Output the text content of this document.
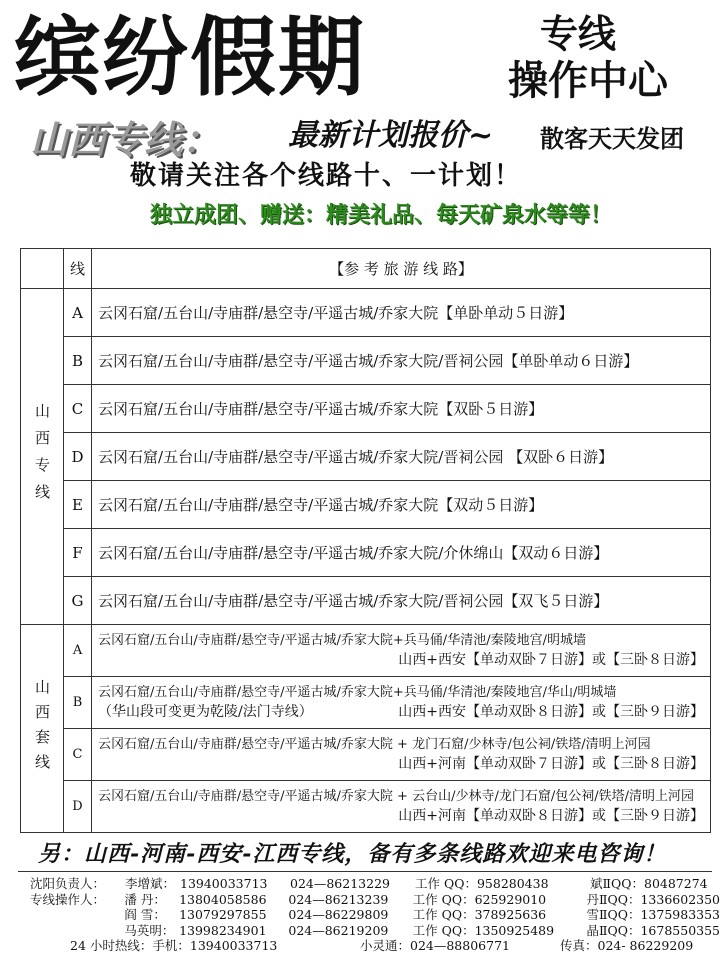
缤纷假期	专线
操作中心
山西专线： 最新计划报价~ 散客天天发团
敬请关注各个线路十、一计划！
独立成团、赠送：精美礼品、每天矿泉水等等！
	线	【参 考 旅 游 线 路】
山西专线	A	云冈石窟/五台山/寺庙群/悬空寺/平遥古城/乔家大院【单卧单动５日游】
	B	云冈石窟/五台山/寺庙群/悬空寺/平遥古城/乔家大院/晋祠公园【单卧单动６日游】
	C	云冈石窟/五台山/寺庙群/悬空寺/平遥古城/乔家大院【双卧５日游】
	D	云冈石窟/五台山/寺庙群/悬空寺/平遥古城/乔家大院/晋祠公园 【双卧６日游】
	E	云冈石窟/五台山/寺庙群/悬空寺/平遥古城/乔家大院【双动５日游】
	F	云冈石窟/五台山/寺庙群/悬空寺/平遥古城/乔家大院/介休绵山【双动６日游】
	G	云冈石窟/五台山/寺庙群/悬空寺/平遥古城/乔家大院/晋祠公园【双飞５日游】
山西套线	A	云冈石窟/五台山/寺庙群/悬空寺/平遥古城/乔家大院+兵马俑/华清池/秦陵地宫/明城墙
山西+西安【单动双卧７日游】或【三卧８日游】

	B	云冈石窟/五台山/寺庙群/悬空寺/平遥古城/乔家大院+兵马俑/华清池/秦陵地宫/华山/明城墙
（华山段可变更为乾陵/法门寺线） 山西+西安【单动双卧８日游】或【三卧９日游】

	C	云冈石窟/五台山/寺庙群/悬空寺/平遥古城/乔家大院 + 龙门石窟/少林寺/包公祠/铁塔/清明上河园
山西+河南【单动双卧７日游】或【三卧８日游】

	D	云冈石窟/五台山/寺庙群/悬空寺/平遥古城/乔家大院 + 云台山/少林寺/龙门石窟/包公祠/铁塔/清明上河园
山西+河南【单动双卧８日游】或【三卧９日游】
另：山西-河南-西安-江西专线，备有多条线路欢迎来电咨询！
沈阳负责人：	李增斌： 13940033713	024—86213229	工作 QQ：958280438	斌ⅡQQ：80487274
专线操作人：	潘 丹：	13804058586	024—86213239	工作 QQ：625929010	丹ⅡQQ：1336602350
阎 雪：	13079297855	024—86229809	工作 QQ：378925636	雪ⅡQQ：1375983353
马英明： 13998234901	024—86219209	工作 QQ：1350925489	晶ⅡQQ：1678550355
24 小时热线：手机：13940033713	小灵通：024—88806771	传真：024- 86229209
